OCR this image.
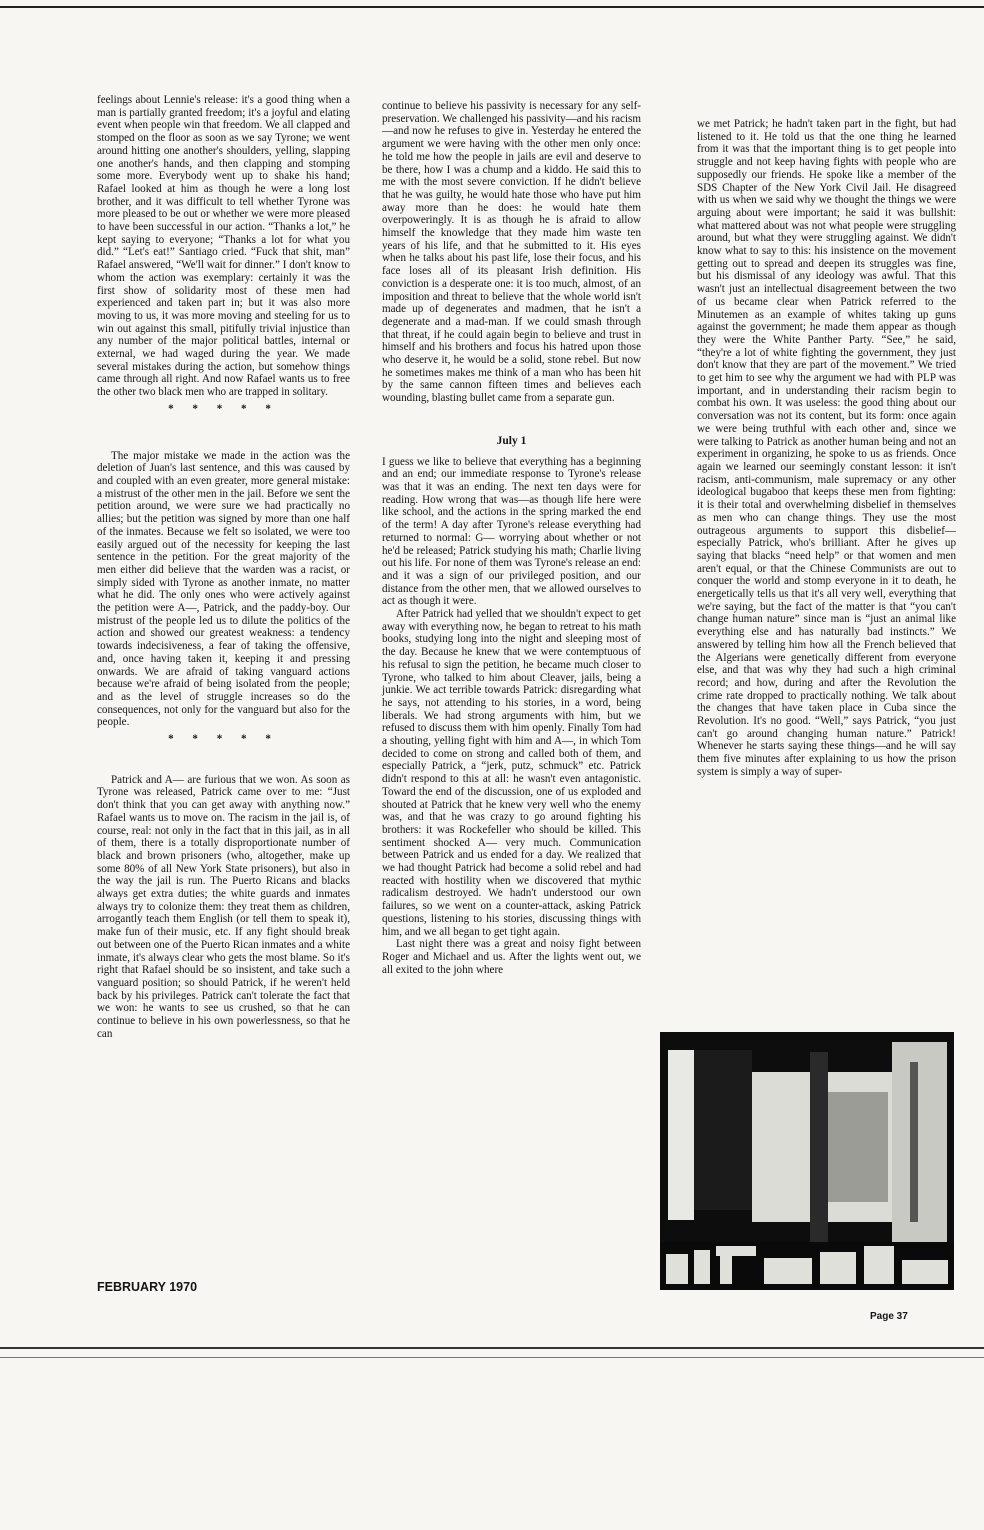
feelings about Lennie's release: it's a good thing when a man is partially granted freedom; it's a joyful and elating event when people win that freedom. We all clapped and stomped on the floor as soon as we say Tyrone; we went around hitting one another's shoulders, yelling, slapping one another's hands, and then clapping and stomping some more. Everybody went up to shake his hand; Rafael looked at him as though he were a long lost brother, and it was difficult to tell whether Tyrone was more pleased to be out or whether we were more pleased to have been successful in our action. “Thanks a lot,” he kept saying to everyone; “Thanks a lot for what you did.” “Let's eat!” Santiago cried. “Fuck that shit, man” Rafael answered, “We'll wait for dinner.” I don't know to whom the action was exemplary: certainly it was the first show of solidarity most of these men had experienced and taken part in; but it was also more moving to us, it was more moving and steeling for us to win out against this small, pitifully trivial injustice than any number of the major political battles, internal or external, we had waged during the year. We made several mistakes during the action, but somehow things came through all right. And now Rafael wants us to free the other two black men who are trapped in solitary.

* * * * *

The major mistake we made in the action was the deletion of Juan's last sentence, and this was caused by and coupled with an even greater, more general mistake: a mistrust of the other men in the jail. Before we sent the petition around, we were sure we had practically no allies; but the petition was signed by more than one half of the inmates. Because we felt so isolated, we were too easily argued out of the necessity for keeping the last sentence in the petition. For the great majority of the men either did believe that the warden was a racist, or simply sided with Tyrone as another inmate, no matter what he did. The only ones who were actively against the petition were A—, Patrick, and the paddy-boy. Our mistrust of the people led us to dilute the politics of the action and showed our greatest weakness: a tendency towards indecisiveness, a fear of taking the offensive, and, once having taken it, keeping it and pressing onwards. We are afraid of taking vanguard actions because we're afraid of being isolated from the people; and as the level of struggle increases so do the consequences, not only for the vanguard but also for the people.

* * * * *

Patrick and A— are furious that we won. As soon as Tyrone was released, Patrick came over to me: “Just don't think that you can get away with anything now.” Rafael wants us to move on. The racism in the jail is, of course, real: not only in the fact that in this jail, as in all of them, there is a totally disproportionate number of black and brown prisoners (who, altogether, make up some 80% of all New York State prisoners), but also in the way the jail is run. The Puerto Ricans and blacks always get extra duties; the white guards and inmates always try to colonize them: they treat them as children, arrogantly teach them English (or tell them to speak it), make fun of their music, etc. If any fight should break out between one of the Puerto Rican inmates and a white inmate, it's always clear who gets the most blame. So it's right that Rafael should be so insistent, and take such a vanguard position; so should Patrick, if he weren't held back by his privileges. Patrick can't tolerate the fact that we won: he wants to see us crushed, so that he can continue to believe in his own powerlessness, so that he can

continue to believe his passivity is necessary for any self-preservation. We challenged his passivity—and his racism—and now he refuses to give in. Yesterday he entered the argument we were having with the other men only once: he told me how the people in jails are evil and deserve to be there, how I was a chump and a kiddo. He said this to me with the most severe conviction. If he didn't believe that he was guilty, he would hate those who have put him away more than he does: he would hate them overpoweringly. It is as though he is afraid to allow himself the knowledge that they made him waste ten years of his life, and that he submitted to it. His eyes when he talks about his past life, lose their focus, and his face loses all of its pleasant Irish definition. His conviction is a desperate one: it is too much, almost, of an imposition and threat to believe that the whole world isn't made up of degenerates and madmen, that he isn't a degenerate and a mad-man. If we could smash through that threat, if he could again begin to believe and trust in himself and his brothers and focus his hatred upon those who deserve it, he would be a solid, stone rebel. But now he sometimes makes me think of a man who has been hit by the same cannon fifteen times and believes each wounding, blasting bullet came from a separate gun.

July 1

I guess we like to believe that everything has a beginning and an end; our immediate response to Tyrone's release was that it was an ending. The next ten days were for reading. How wrong that was—as though life here were like school, and the actions in the spring marked the end of the term! A day after Tyrone's release everything had returned to normal: G— worrying about whether or not he'd be released; Patrick studying his math; Charlie living out his life. For none of them was Tyrone's release an end: and it was a sign of our privileged position, and our distance from the other men, that we allowed ourselves to act as though it were.

After Patrick had yelled that we shouldn't expect to get away with everything now, he began to retreat to his math books, studying long into the night and sleeping most of the day. Because he knew that we were contemptuous of his refusal to sign the petition, he became much closer to Tyrone, who talked to him about Cleaver, jails, being a junkie. We act terrible towards Patrick: disregarding what he says, not attending to his stories, in a word, being liberals. We had strong arguments with him, but we refused to discuss them with him openly. Finally Tom had a shouting, yelling fight with him and A—, in which Tom decided to come on strong and called both of them, and especially Patrick, a “jerk, putz, schmuck” etc. Patrick didn't respond to this at all: he wasn't even antagonistic. Toward the end of the discussion, one of us exploded and shouted at Patrick that he knew very well who the enemy was, and that he was crazy to go around fighting his brothers: it was Rockefeller who should be killed. This sentiment shocked A— very much. Communication between Patrick and us ended for a day. We realized that we had thought Patrick had become a solid rebel and had reacted with hostility when we discovered that mythic radicalism destroyed. We hadn't understood our own failures, so we went on a counter-attack, asking Patrick questions, listening to his stories, discussing things with him, and we all began to get tight again.

Last night there was a great and noisy fight between Roger and Michael and us. After the lights went out, we all exited to the john where

we met Patrick; he hadn't taken part in the fight, but had listened to it. He told us that the one thing he learned from it was that the important thing is to get people into struggle and not keep having fights with people who are supposedly our friends. He spoke like a member of the SDS Chapter of the New York Civil Jail. He disagreed with us when we said why we thought the things we were arguing about were important; he said it was bullshit: what mattered about was not what people were struggling around, but what they were struggling against. We didn't know what to say to this: his insistence on the movement getting out to spread and deepen its struggles was fine, but his dismissal of any ideology was awful. That this wasn't just an intellectual disagreement between the two of us became clear when Patrick referred to the Minutemen as an example of whites taking up guns against the government; he made them appear as though they were the White Panther Party. “See,” he said, “they're a lot of white fighting the government, they just don't know that they are part of the movement.” We tried to get him to see why the argument we had with PLP was important, and in understanding their racism begin to combat his own. It was useless: the good thing about our conversation was not its content, but its form: once again we were being truthful with each other and, since we were talking to Patrick as another human being and not an experiment in organizing, he spoke to us as friends. Once again we learned our seemingly constant lesson: it isn't racism, anti-communism, male supremacy or any other ideological bugaboo that keeps these men from fighting: it is their total and overwhelming disbelief in themselves as men who can change things. They use the most outrageous arguments to support this disbelief—especially Patrick, who's brilliant. After he gives up saying that blacks “need help” or that women and men aren't equal, or that the Chinese Communists are out to conquer the world and stomp everyone in it to death, he energetically tells us that it's all very well, everything that we're saying, but the fact of the matter is that “you can't change human nature” since man is “just an animal like everything else and has naturally bad instincts.” We answered by telling him how all the French believed that the Algerians were genetically different from everyone else, and that was why they had such a high criminal record; and how, during and after the Revolution the crime rate dropped to practically nothing. We talk about the changes that have taken place in Cuba since the Revolution. It's no good. “Well,” says Patrick, “you just can't go around changing human nature.” Patrick! Whenever he starts saying these things—and he will say them five minutes after explaining to us how the prison system is simply a way of super-

FEBRUARY 1970
Page 37
